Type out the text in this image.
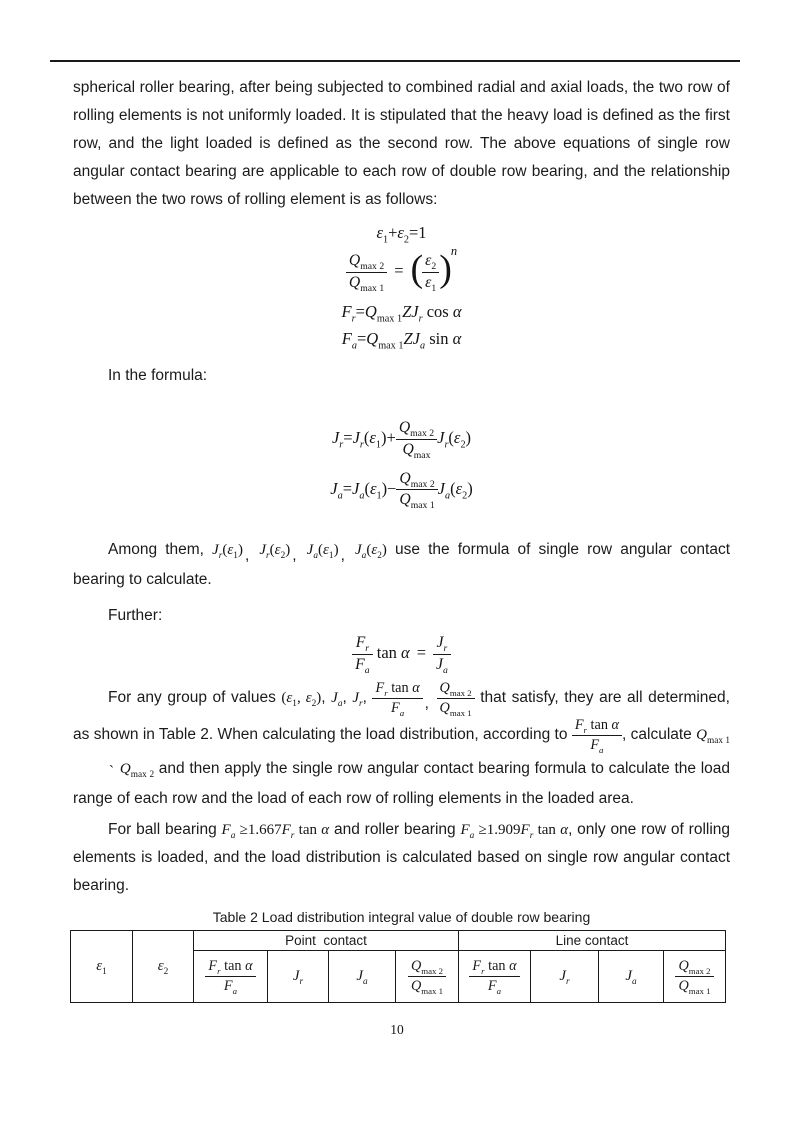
spherical roller bearing, after being subjected to combined radial and axial loads, the two row of rolling elements is not uniformly loaded. It is stipulated that the heavy load is defined as the first row, and the light loaded is defined as the second row. The above equations of single row angular contact bearing are applicable to each row of double row bearing, and the relationship between the two rows of rolling element is as follows:

$\varepsilon_1+\varepsilon_2=1$
$\frac{Q_{max 2}}{Q_{max 1}}$ = ( $\frac{\varepsilon_2}{\varepsilon_1} )^n$
$F_r=Q_{max 1}ZJ_r$ cos α
$F_a=Q_{max 1}ZJ_a$ sin α

In the formula:

$J_r=J_r(\varepsilon_1)+ \frac{Q_{max 2}}{Q_{max}} J_r(\varepsilon_2)$
$J_a=J_a(\varepsilon_1)- \frac{Q_{max 2}}{Q_{max 1}} J_a(\varepsilon_2)$

Among them, $J_r(\varepsilon_1)$ , $J_r(\varepsilon_2)$ , $J_a(\varepsilon_1)$ , $J_a(\varepsilon_2)$ use the formula of single row angular contact bearing to calculate.

Further:

$\frac{F_r}{F_a}$ $\tan \alpha = \frac{J_r}{J_a}$

For any group of values ($\varepsilon_1$, $\varepsilon_2$), $J_a$, $J_r$, $\frac{F_r \tan \alpha}{F_a}$ , $\frac{Q_{max 2}}{Q_{max 1}}$ that satisfy, they are all determined, as shown in Table 2. When calculating the load distribution, according to $\frac{F_r \tan \alpha}{F_a}$ , calculate $Q_{max 1}`$ $Q_{max 2}$ and then apply the single row angular contact bearing formula to calculate the load range of each row and the load of each row of rolling elements in the loaded area.

For ball bearing $F_a \ge 1.667F_r$ tan α and roller bearing $F_a \ge 1.909F_r$ tan α, only one row of rolling elements is loaded, and the load distribution is calculated based on single row angular contact bearing.

Table 2 Load distribution integral value of double row bearing

$\varepsilon_1$	$\varepsilon_2$	Point  contact				Line contact			

		$\frac{F_r \tan \alpha}{F_a}$	$J_r$	$J_a$	$\frac{Q_{max 2}}{Q_{max 1}}$	$\frac{F_r \tan \alpha}{F_a}$	$J_r$	$J_a$	$\frac{Q_{max 2}}{Q_{max 1}}$
10
